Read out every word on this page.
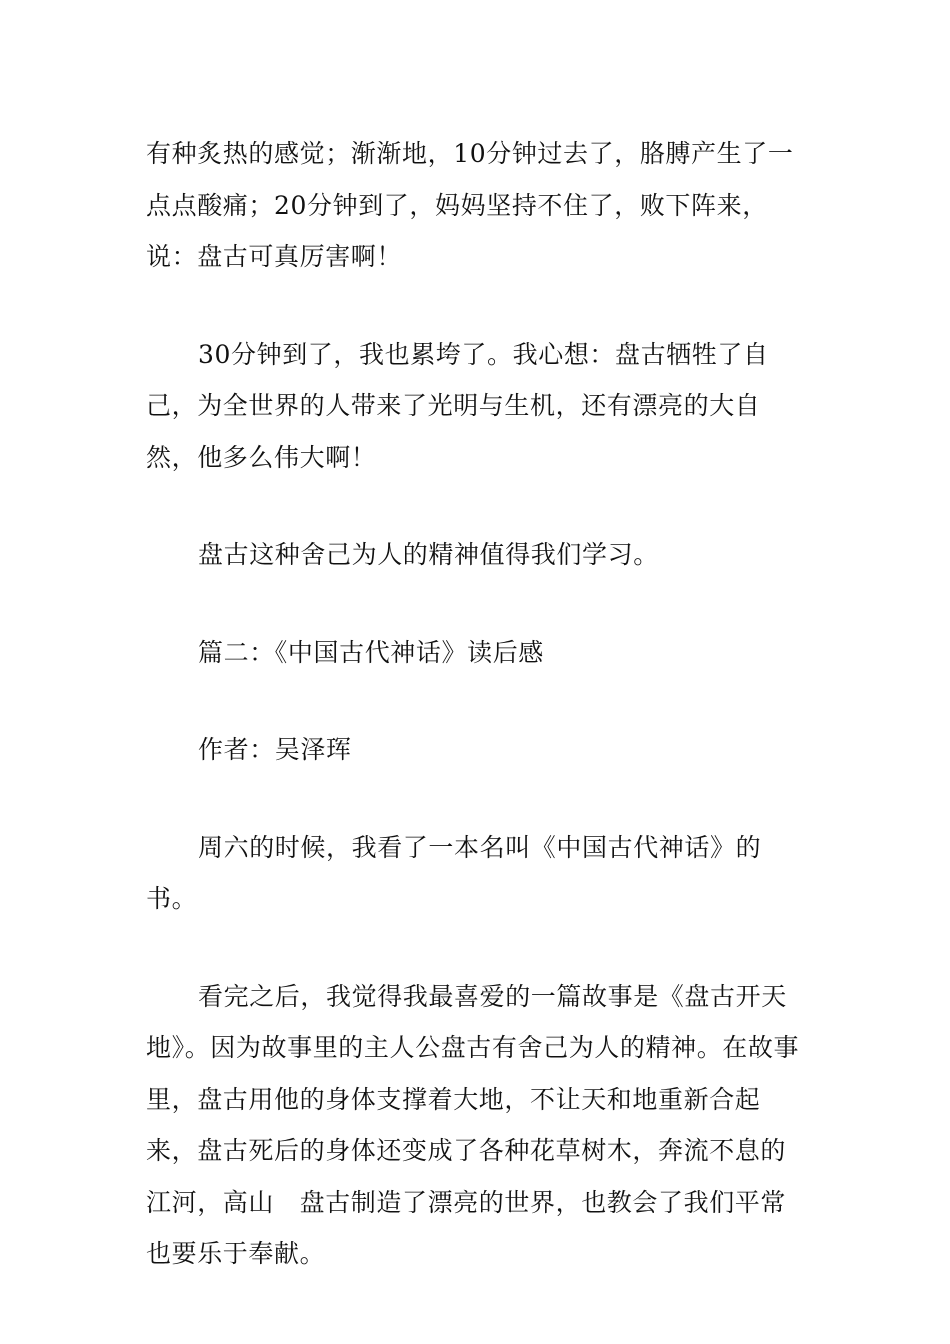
有种炙热的感觉；渐渐地，10分钟过去了，胳膊产生了一点点酸痛；20分钟到了，妈妈坚持不住了，败下阵来，说：盘古可真厉害啊！

30分钟到了，我也累垮了。我心想：盘古牺牲了自己，为全世界的人带来了光明与生机，还有漂亮的大自然，他多么伟大啊！

盘古这种舍己为人的精神值得我们学习。

篇二：《中国古代神话》读后感

作者：吴泽珲

周六的时候，我看了一本名叫《中国古代神话》的书。

看完之后，我觉得我最喜爱的一篇故事是《盘古开天地》。因为故事里的主人公盘古有舍己为人的精神。在故事里，盘古用他的身体支撑着大地，不让天和地重新合起来，盘古死后的身体还变成了各种花草树木，奔流不息的江河，高山　盘古制造了漂亮的世界，也教会了我们平常也要乐于奉献。
